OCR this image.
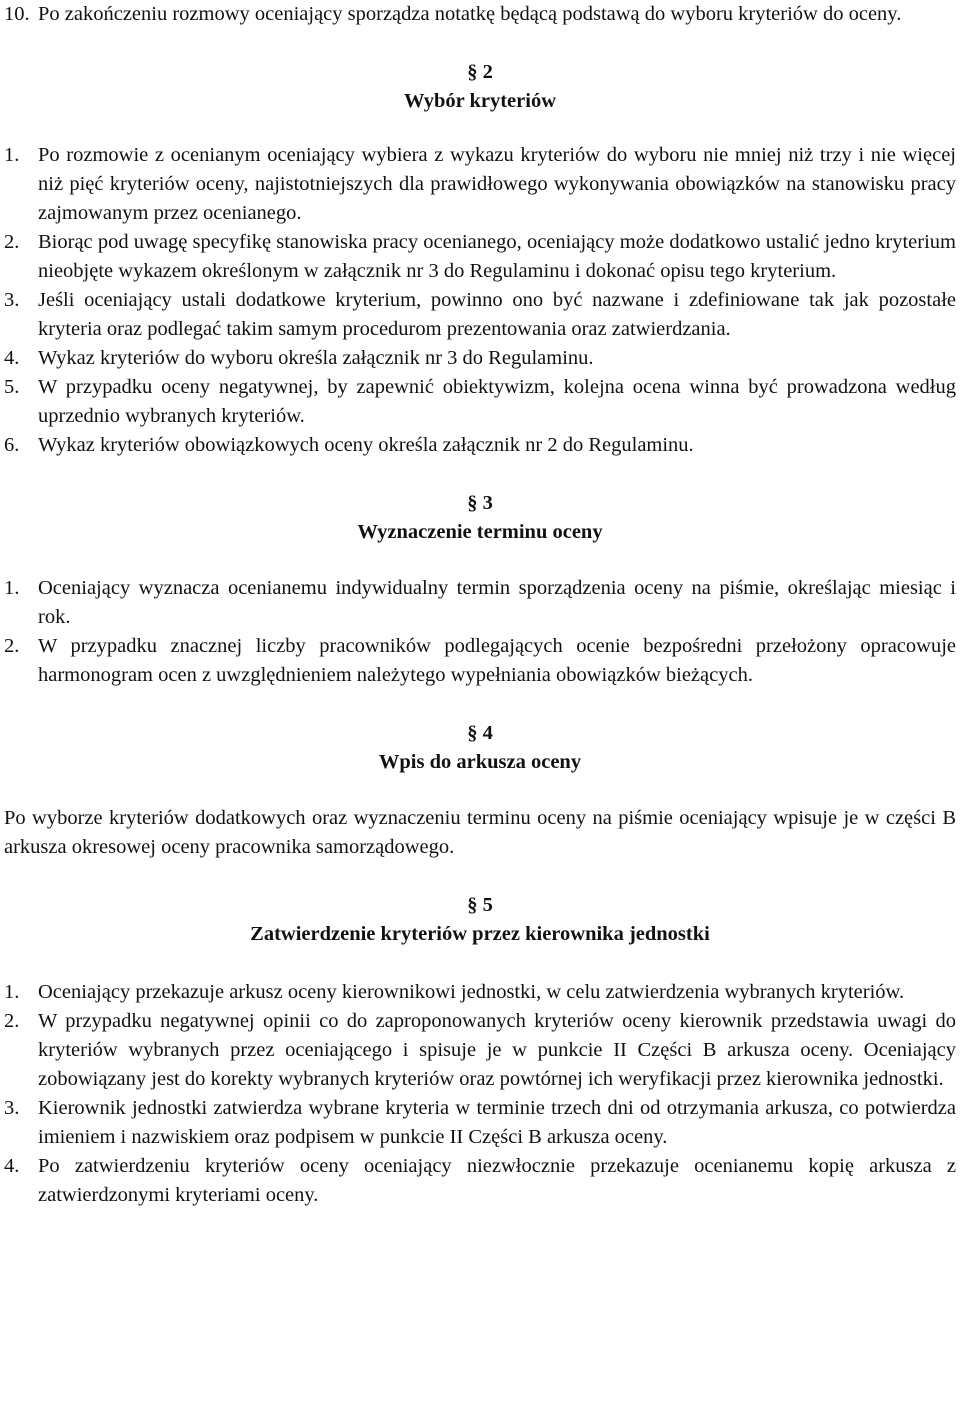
10. Po zakończeniu rozmowy oceniający sporządza notatkę będącą podstawą do wyboru kryteriów do oceny.
§ 2
Wybór kryteriów
1. Po rozmowie z ocenianym oceniający wybiera z wykazu kryteriów do wyboru nie mniej niż trzy i nie więcej niż pięć kryteriów oceny, najistotniejszych dla prawidłowego wykonywania obowiązków na stanowisku pracy zajmowanym przez ocenianego.
2. Biorąc pod uwagę specyfikę stanowiska pracy ocenianego, oceniający może dodatkowo ustalić jedno kryterium nieobjęte wykazem określonym w załącznik nr 3 do Regulaminu i dokonać opisu tego kryterium.
3. Jeśli oceniający ustali dodatkowe kryterium, powinno ono być nazwane i zdefiniowane tak jak pozostałe kryteria oraz podlegać takim samym procedurom prezentowania oraz zatwierdzania.
4. Wykaz kryteriów do wyboru określa załącznik nr 3 do Regulaminu.
5. W przypadku oceny negatywnej, by zapewnić obiektywizm, kolejna ocena winna być prowadzona według uprzednio wybranych kryteriów.
6. Wykaz kryteriów obowiązkowych oceny określa załącznik nr 2 do Regulaminu.
§ 3
Wyznaczenie terminu oceny
1. Oceniający wyznacza ocenianemu indywidualny termin sporządzenia oceny na piśmie, określając miesiąc i rok.
2. W przypadku znacznej liczby pracowników podlegających ocenie bezpośredni przełożony opracowuje harmonogram ocen z uwzględnieniem należytego wypełniania obowiązków bieżących.
§ 4
Wpis do arkusza oceny

Po wyborze kryteriów dodatkowych oraz wyznaczeniu terminu oceny na piśmie oceniający wpisuje je w części B arkusza okresowej oceny pracownika samorządowego.

§ 5
Zatwierdzenie kryteriów przez kierownika jednostki
1. Oceniający przekazuje arkusz oceny kierownikowi jednostki, w celu zatwierdzenia wybranych kryteriów.
2. W przypadku negatywnej opinii co do zaproponowanych kryteriów oceny kierownik przedstawia uwagi do kryteriów wybranych przez oceniającego i spisuje je w punkcie II Części B arkusza oceny. Oceniający zobowiązany jest do korekty wybranych kryteriów oraz powtórnej ich weryfikacji przez kierownika jednostki.
3. Kierownik jednostki zatwierdza wybrane kryteria w terminie trzech dni od otrzymania arkusza, co potwierdza imieniem i nazwiskiem oraz podpisem w punkcie II Części B arkusza oceny.
4. Po zatwierdzeniu kryteriów oceny oceniający niezwłocznie przekazuje ocenianemu kopię arkusza z zatwierdzonymi kryteriami oceny.
